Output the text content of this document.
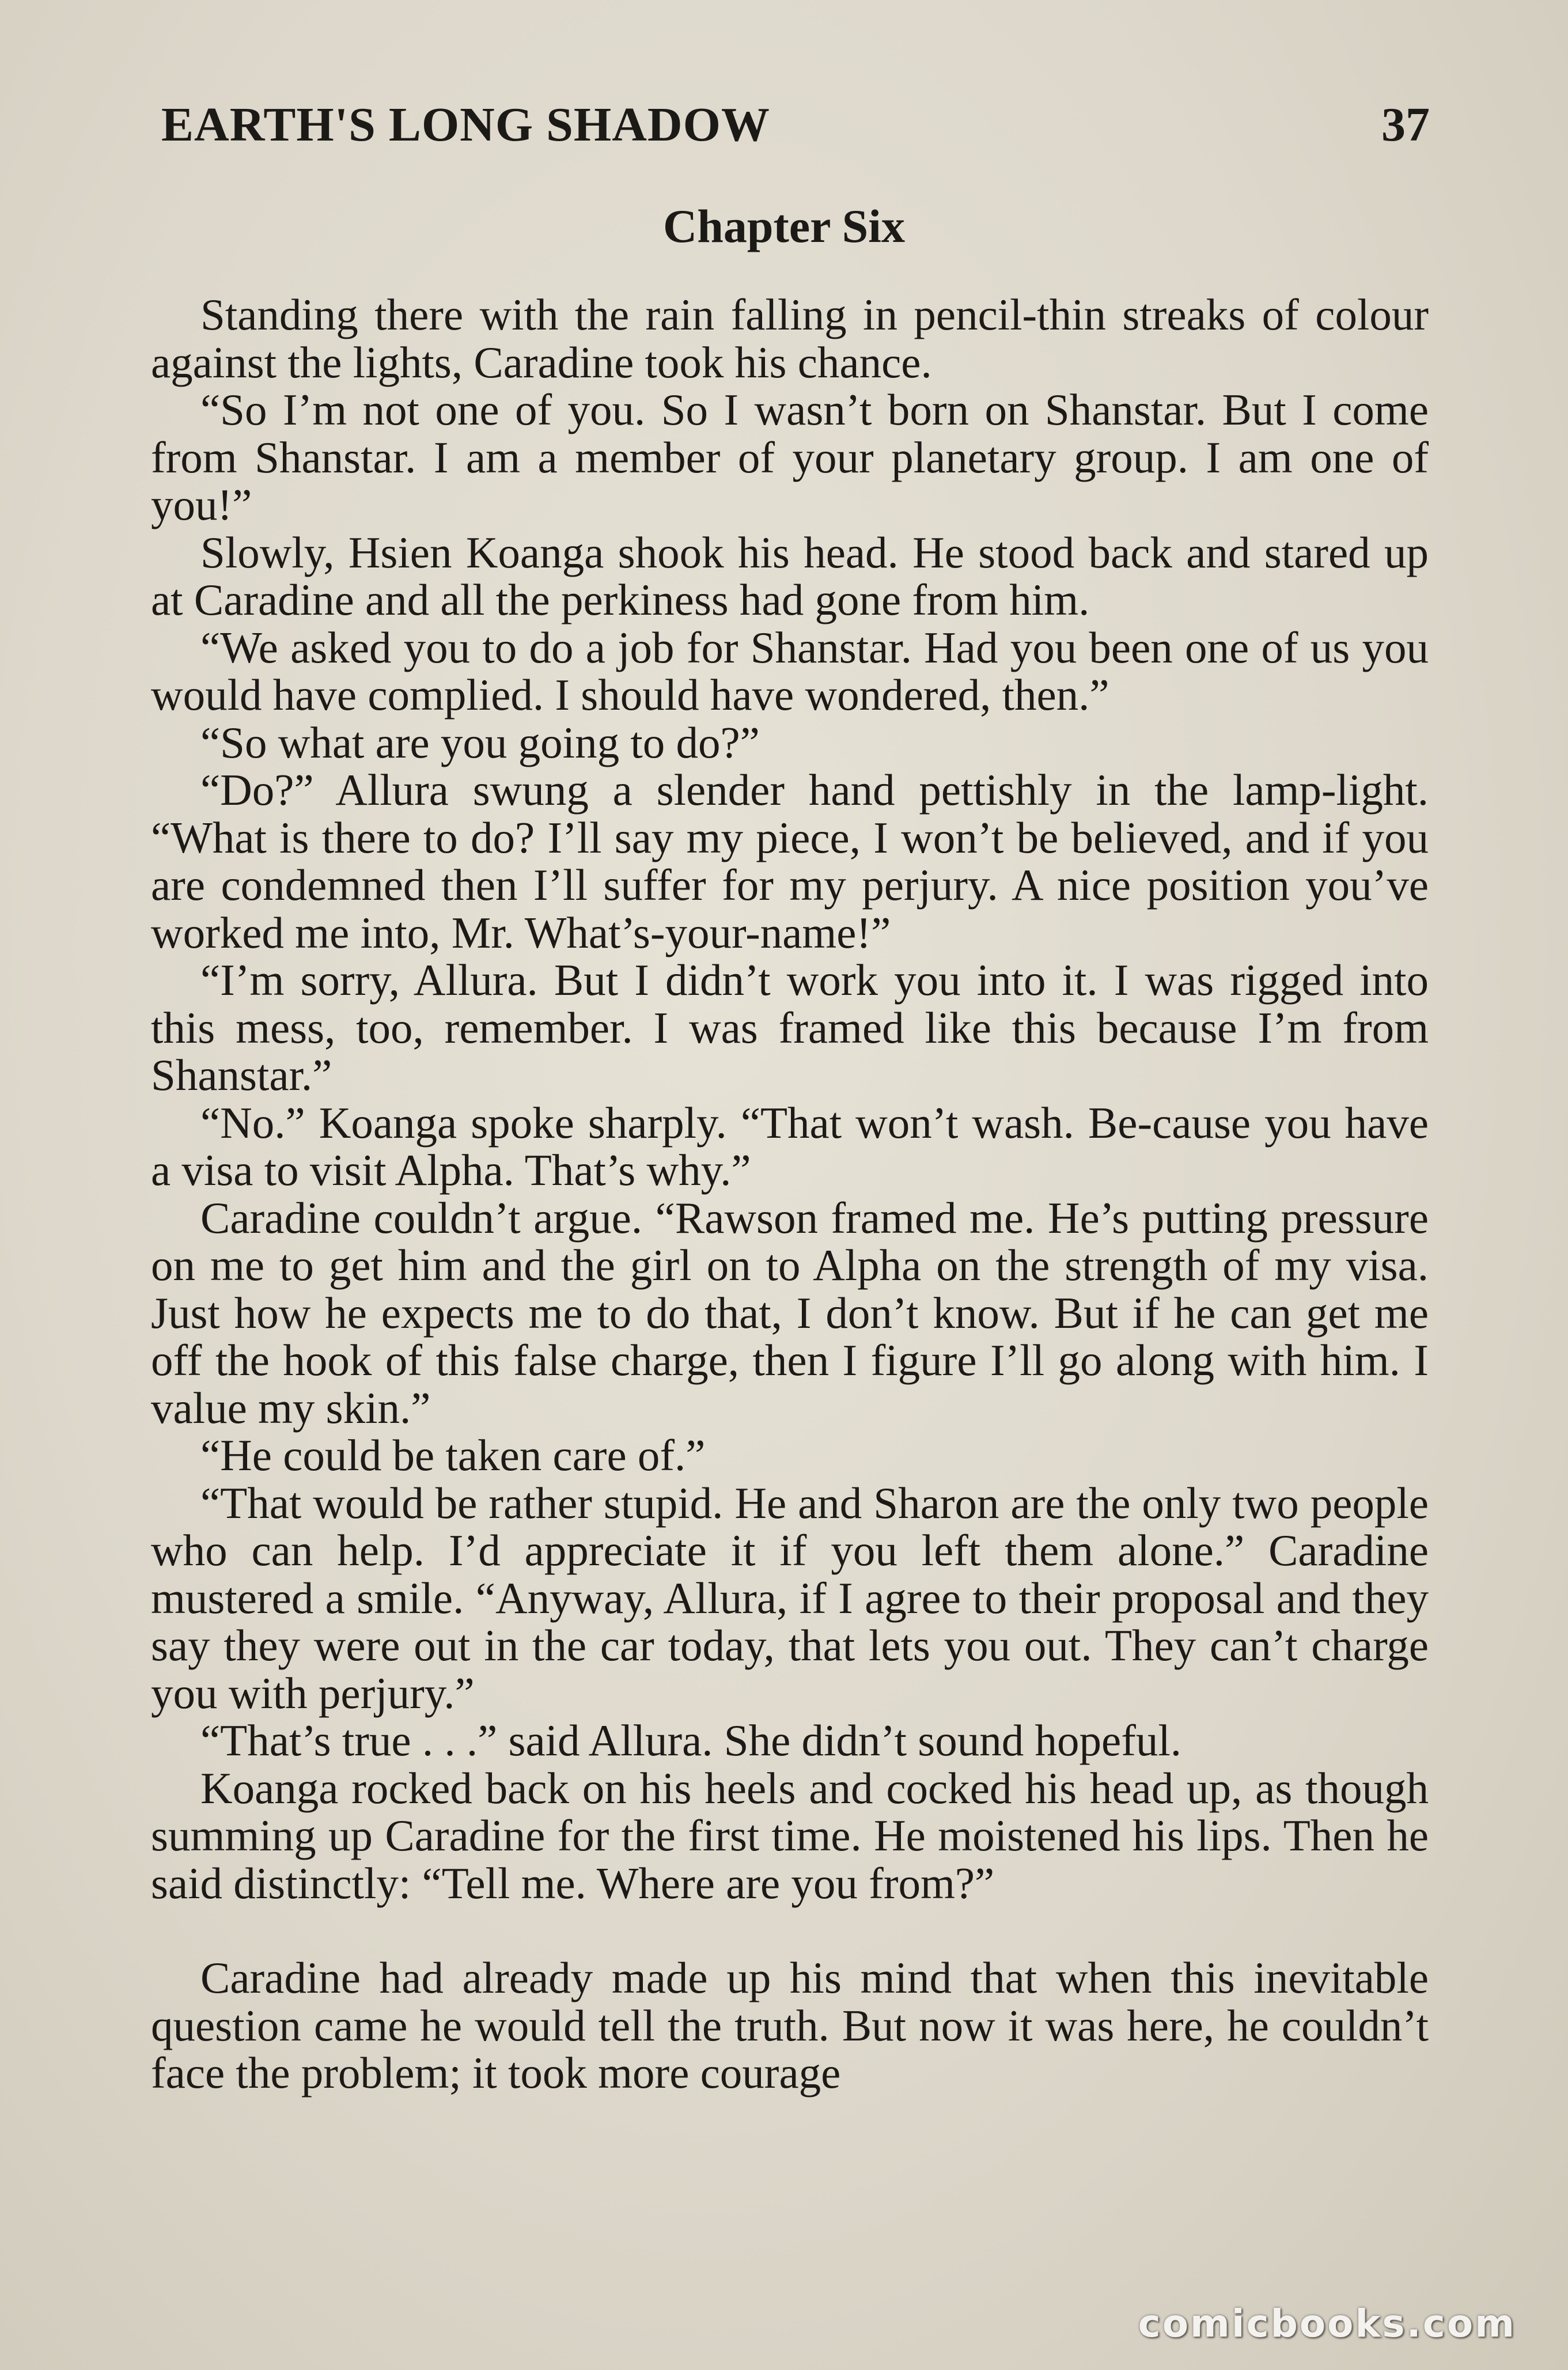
EARTH'S LONG SHADOW	37
Chapter Six

Standing there with the rain falling in pencil-thin streaks of colour against the lights, Caradine took his chance.

“So I’m not one of you. So I wasn’t born on Shanstar. But I come from Shanstar. I am a member of your planetary group. I am one of you!”

Slowly, Hsien Koanga shook his head. He stood back and stared up at Caradine and all the perkiness had gone from him.

“We asked you to do a job for Shanstar. Had you been one of us you would have complied. I should have wondered, then.”

“So what are you going to do?”

“Do?” Allura swung a slender hand pettishly in the lamp-light. “What is there to do? I’ll say my piece, I won’t be believed, and if you are condemned then I’ll suffer for my perjury. A nice position you’ve worked me into, Mr. What’s-your-name!”

“I’m sorry, Allura. But I didn’t work you into it. I was rigged into this mess, too, remember. I was framed like this because I’m from Shanstar.”

“No.” Koanga spoke sharply. “That won’t wash. Be-cause you have a visa to visit Alpha. That’s why.”

Caradine couldn’t argue. “Rawson framed me. He’s putting pressure on me to get him and the girl on to Alpha on the strength of my visa. Just how he expects me to do that, I don’t know. But if he can get me off the hook of this false charge, then I figure I’ll go along with him. I value my skin.”

“He could be taken care of.”

“That would be rather stupid. He and Sharon are the only two people who can help. I’d appreciate it if you left them alone.” Caradine mustered a smile. “Anyway, Allura, if I agree to their proposal and they say they were out in the car today, that lets you out. They can’t charge you with perjury.”

“That’s true . . .” said Allura. She didn’t sound hopeful.

Koanga rocked back on his heels and cocked his head up, as though summing up Caradine for the first time. He moistened his lips. Then he said distinctly: “Tell me. Where are you from?”

Caradine had already made up his mind that when this inevitable question came he would tell the truth. But now it was here, he couldn’t face the problem; it took more courage

comicbooks.com
